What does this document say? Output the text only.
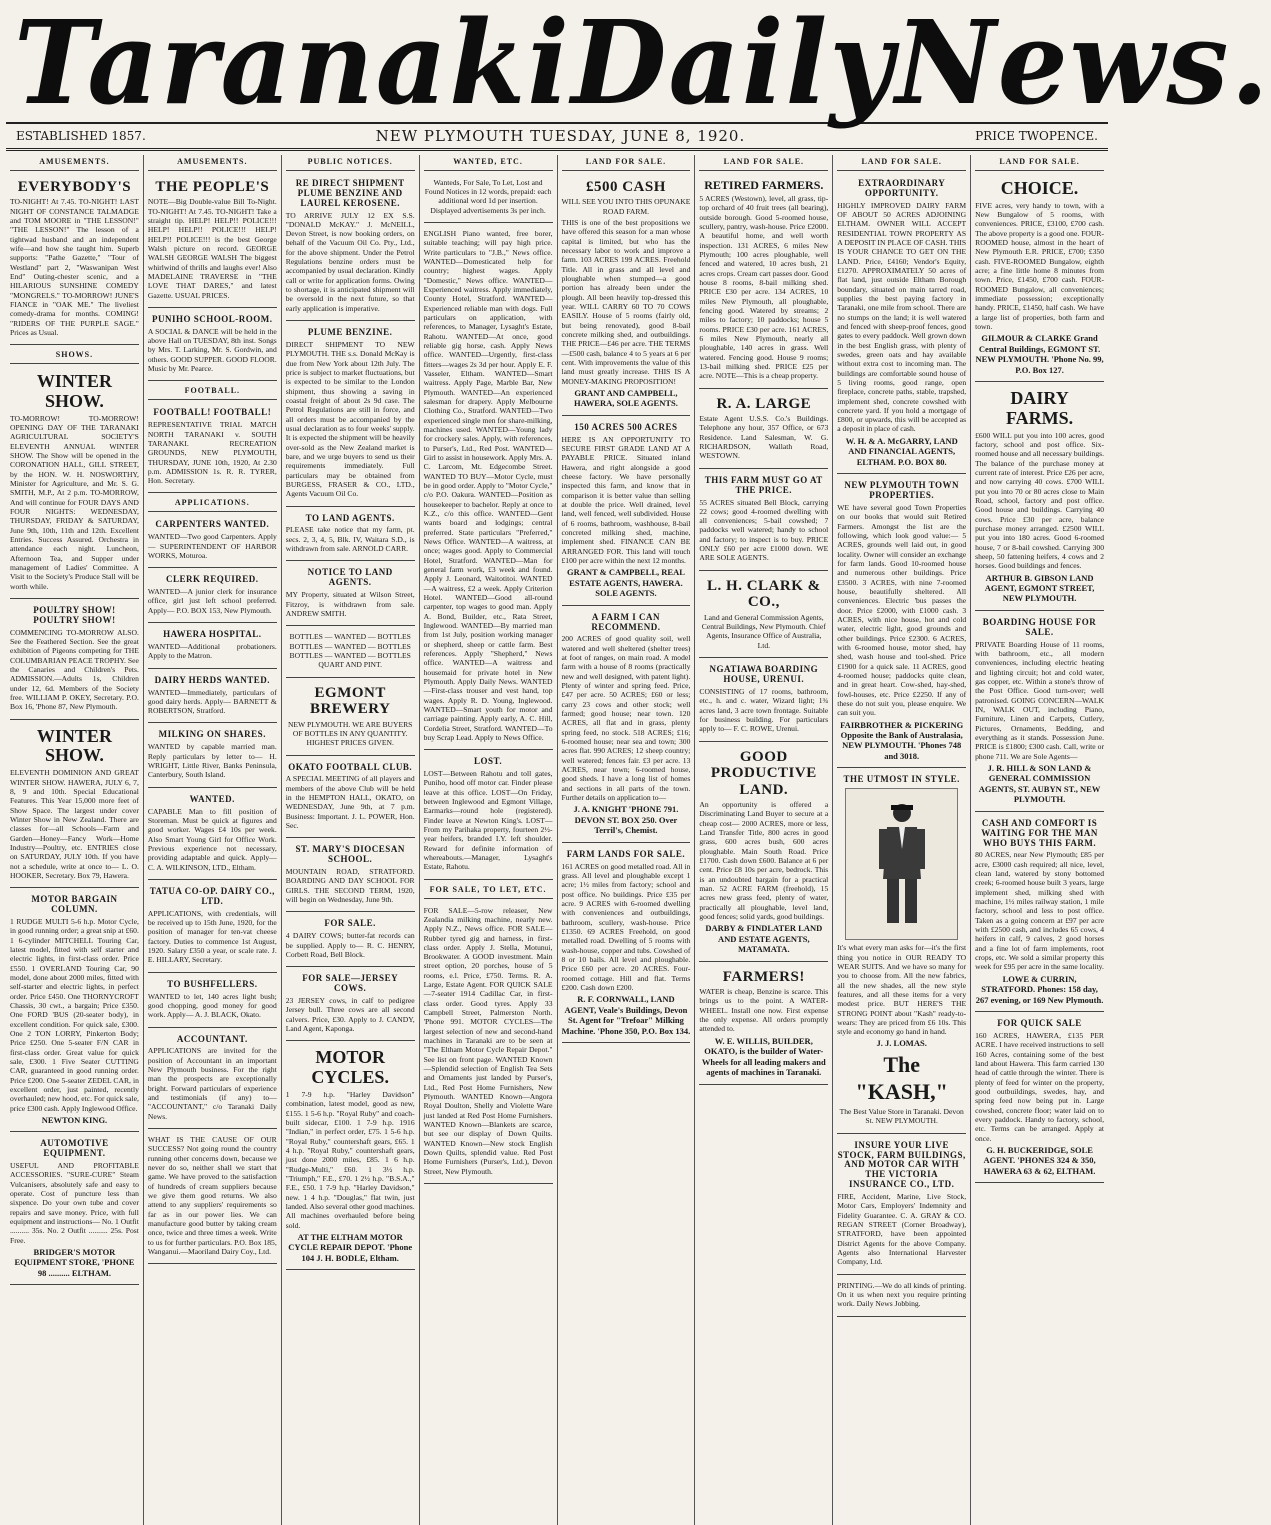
Taranaki Daily News.
ESTABLISHED 1857.	NEW PLYMOUTH TUESDAY, JUNE 8, 1920.	PRICE TWOPENCE.
AMUSEMENTS.
EVERYBODY'S

TO-NIGHT! At 7.45. TO-NIGHT! LAST NIGHT OF CONSTANCE TALMADGE and TOM MOORE in "THE LESSON!" "THE LESSON!" The lesson of a tightwad husband and an independent wife—and how she taught him. Superb supports: "Pathe Gazette," "Tour of Westland" part 2, "Waswanipan West End" Outing-chester scenic, and a HILARIOUS SUNSHINE COMEDY "MONGRELS." TO-MORROW! JUNE'S FIANCE in "OAK ME." The liveliest comedy-drama for months. COMING! "RIDERS OF THE PURPLE SAGE." Prices as Usual.

SHOWS.
WINTER SHOW.

TO-MORROW! TO-MORROW! OPENING DAY OF THE TARANAKI AGRICULTURAL SOCIETY'S ELEVENTH ANNUAL WINTER SHOW. The Show will be opened in the CORONATION HALL, GILL STREET, by the HON. W. H. NOSWORTHY, Minister for Agriculture, and Mr. S. G. SMITH, M.P., At 2 p.m. TO-MORROW, And will continue for FOUR DAYS AND FOUR NIGHTS: WEDNESDAY, THURSDAY, FRIDAY & SATURDAY, June 9th, 10th, 11th and 12th. Excellent Entries. Success Assured. Orchestra in attendance each night. Luncheon, Afternoon Tea, and Supper under management of Ladies' Committee. A Visit to the Society's Produce Stall will be worth while.

POULTRY SHOW! POULTRY SHOW!

COMMENCING TO-MORROW ALSO. See the Feathered Section. See the great exhibition of Pigeons competing for THE COLUMBARIAN PEACE TROPHY. See the Canaries and Children's Pets. ADMISSION.—Adults 1s, Children under 12, 6d. Members of the Society free. WILLIAM P. OKEY, Secretary. P.O. Box 16, 'Phone 87, New Plymouth.

WINTER SHOW.

ELEVENTH DOMINION AND GREAT WINTER SHOW. HAWERA, JULY 6, 7, 8, 9 and 10th. Special Educational Features. This Year 15,000 more feet of Show Space. The largest under cover Winter Show in New Zealand. There are classes for—all Schools—Farm and Garden—Honey—Fancy Work—Home Industry—Poultry, etc. ENTRIES close on SATURDAY, JULY 10th. If you have not a schedule, write at once to— L. O. HOOKER, Secretary. Box 79, Hawera.

MOTOR BARGAIN COLUMN.

1 RUDGE MULTI 5-6 h.p. Motor Cycle, in good running order; a great snip at £60. 1 6-cylinder MITCHELL Touring Car, latest model, fitted with self starter and electric lights, in first-class order. Price £550. 1 OVERLAND Touring Car, 90 model, done about 2000 miles, fitted with self-starter and electric lights, in perfect order. Price £450. One THORNYCROFT Chassis, 30 cwt., a bargain; Price £350. One FORD 'BUS (20-seater body), in excellent condition. For quick sale, £300. One 2 TON LORRY, Pinkerton Body; Price £250. One 5-seater F/N CAR in first-class order. Great value for quick sale, £300. 1 Five Seater CUTTING CAR, guaranteed in good running order. Price £200. One 5-seater ZEDEL CAR, in excellent order, just painted, recently overhauled; new hood, etc. For quick sale, price £300 cash. Apply Inglewood Office.

NEWTON KING.

AUTOMOTIVE EQUIPMENT.

USEFUL AND PROFITABLE ACCESSORIES. "SURE-CURE" Steam Vulcanisers, absolutely safe and easy to operate. Cost of puncture less than sixpence. Do your own tube and cover repairs and save money. Price, with full equipment and instructions— No. 1 Outfit .......... 35s. No. 2 Outfit .......... 25s. Post Free.

BRIDGER'S MOTOR EQUIPMENT STORE, 'PHONE 98 .......... ELTHAM.

AMUSEMENTS.
THE PEOPLE'S

NOTE—Big Double-value Bill To-Night. TO-NIGHT! At 7.45. TO-NIGHT! Take a straight tip. HELP! HELP!! POLICE!!! HELP! HELP!! POLICE!!! HELP! HELP!! POLICE!!! is the best George Walsh picture on record. GEORGE WALSH GEORGE WALSH The biggest whirlwind of thrills and laughs ever! Also MADELAINE TRAVERSE in "THE LOVE THAT DARES," and latest Gazette. USUAL PRICES.

PUNIHO SCHOOL-ROOM.

A SOCIAL & DANCE will be held in the above Hall on TUESDAY, 8th inst. Songs by Mrs. T. Larking, Mr. S. Gordwin, and others. GOOD SUPPER. GOOD FLOOR. Music by Mr. Pearce.

FOOTBALL.
FOOTBALL! FOOTBALL!

REPRESENTATIVE TRIAL MATCH NORTH TARANAKI v. SOUTH TARANAKI. RECREATION GROUNDS, NEW PLYMOUTH, THURSDAY, JUNE 10th, 1920, At 2.30 p.m. ADMISSION 1s. R. R. TYRER, Hon. Secretary.

APPLICATIONS.
CARPENTERS WANTED.

WANTED—Two good Carpenters. Apply— SUPERINTENDENT OF HARBOR WORKS, Moturoa.

CLERK REQUIRED.

WANTED—A junior clerk for insurance office, girl just left school preferred. Apply— P.O. BOX 153, New Plymouth.

HAWERA HOSPITAL.

WANTED—Additional probationers. Apply to the Matron.

DAIRY HERDS WANTED.

WANTED—Immediately, particulars of good dairy herds. Apply— BARNETT & ROBERTSON, Stratford.

MILKING ON SHARES.

WANTED by capable married man. Reply particulars by letter to— H. WRIGHT, Little River, Banks Peninsula, Canterbury, South Island.

WANTED.

CAPABLE Man to fill position of Storeman. Must be quick at figures and good worker. Wages £4 10s per week. Also Smart Young Girl for Office Work. Previous experience not necessary, providing adaptable and quick. Apply— C. A. WILKINSON, LTD., Eltham.

TATUA CO-OP. DAIRY CO., LTD.

APPLICATIONS, with credentials, will be received up to 15th June, 1920, for the position of manager for ten-vat cheese factory. Duties to commence 1st August, 1920. Salary £350 a year, or scale rate. J. E. HILLARY, Secretary.

TO BUSHFELLERS.

WANTED to let, 140 acres light bush; good chopping, good money for good work. Apply— A. J. BLACK, Okato.

ACCOUNTANT.

APPLICATIONS are invited for the position of Accountant in an important New Plymouth business. For the right man the prospects are exceptionally bright. Forward particulars of experience and testimonials (if any) to— "ACCOUNTANT," c/o Taranaki Daily News.

WHAT IS THE CAUSE OF OUR SUCCESS? Not going round the country running other concerns down, because we never do so, neither shall we start that game. We have proved to the satisfaction of hundreds of cream suppliers because we give them good returns. We also attend to any suppliers' requirements so far as in our power lies. We can manufacture good butter by taking cream once, twice and three times a week. Write to us for further particulars. P.O. Box 185, Wanganui.—Maoriland Dairy Coy., Ltd.

PUBLIC NOTICES.
RE DIRECT SHIPMENT PLUME BENZINE AND LAUREL KEROSENE.

TO ARRIVE JULY 12 EX S.S. "DONALD McKAY." J. McNEILL, Devon Street, is now booking orders, on behalf of the Vacuum Oil Co. Pty., Ltd., for the above shipment. Under the Petrol Regulations benzine orders must be accompanied by usual declaration. Kindly call or write for application forms. Owing to shortage, it is anticipated shipment will be oversold in the next future, so that early application is imperative.

PLUME BENZINE.

DIRECT SHIPMENT TO NEW PLYMOUTH. THE s.s. Donald McKay is due from New York about 12th July. The price is subject to market fluctuations, but is expected to be similar to the London shipment, thus showing a saving in coastal freight of about 2s 9d case. The Petrol Regulations are still in force, and all orders must be accompanied by the usual declaration as to four weeks' supply. It is expected the shipment will be heavily over-sold as the New Zealand market is bare, and we urge buyers to send us their requirements immediately. Full particulars may be obtained from BURGESS, FRASER & CO., LTD., Agents Vacuum Oil Co.

TO LAND AGENTS.

PLEASE take notice that my farm, pt. secs. 2, 3, 4, 5, Blk. IV, Waitara S.D., is withdrawn from sale. ARNOLD CARR.

NOTICE TO LAND AGENTS.

MY Property, situated at Wilson Street, Fitzroy, is withdrawn from sale. ANDREW SMITH.

BOTTLES — WANTED — BOTTLES BOTTLES — WANTED — BOTTLES BOTTLES — WANTED — BOTTLES QUART AND PINT.

EGMONT BREWERY

NEW PLYMOUTH. WE ARE BUYERS OF BOTTLES IN ANY QUANTITY. HIGHEST PRICES GIVEN.

OKATO FOOTBALL CLUB.

A SPECIAL MEETING of all players and members of the above Club will be held in the HEMPTON HALL, OKATO, on WEDNESDAY, June 9th, at 7 p.m. Business: Important. J. L. POWER, Hon. Sec.

ST. MARY'S DIOCESAN SCHOOL.

MOUNTAIN ROAD, STRATFORD. BOARDING AND DAY SCHOOL FOR GIRLS. THE SECOND TERM, 1920, will begin on Wednesday, June 9th.

FOR SALE.

4 DAIRY COWS; butter-fat records can be supplied. Apply to— R. C. HENRY, Corbett Road, Bell Block.

FOR SALE—JERSEY COWS.

23 JERSEY cows, in calf to pedigree Jersey bull. Three cows are all second calvers. Price, £30. Apply to J. CANDY, Land Agent, Kaponga.

MOTOR CYCLES.

1 7-9 h.p. "Harley Davidson" combination, latest model, good as new, £155. 1 5-6 h.p. "Royal Ruby" and coach-built sidecar, £100. 1 7-9 h.p. 1916 "Indian," in perfect order, £75. 1 5-6 h.p. "Royal Ruby," countershaft gears, £65. 1 4 h.p. "Royal Ruby," countershaft gears, just done 2000 miles, £85. 1 6 h.p. "Rudge-Multi," £60. 1 3½ h.p. "Triumph," F.E., £70. 1 2½ h.p. "B.S.A.," F.E., £50. 1 7-9 h.p. "Harley Davidson," new. 1 4 h.p. "Douglas," flat twin, just landed. Also several other good machines. All machines overhauled before being sold.

AT THE ELTHAM MOTOR CYCLE REPAIR DEPOT. 'Phone 104 J. H. BODLE, Eltham.

WANTED, ETC.

Wanteds, For Sale, To Let, Lost and Found Notices in 12 words, prepaid: each additional word 1d per insertion. Displayed advertisements 3s per inch.

ENGLISH Piano wanted, free borer, suitable teaching; will pay high price. Write particulars to "J.B.," News office. WANTED—Domesticated help for country; highest wages. Apply "Domestic," News office. WANTED—Experienced waitress. Apply immediately, County Hotel, Stratford. WANTED—Experienced reliable man with dogs. Full particulars on application, with references, to Manager, Lysaght's Estate, Rahotu. WANTED—At once, good reliable gig horse, cash. Apply News office. WANTED—Urgently, first-class fitters—wages 2s 3d per hour. Apply E. F. Vasseler, Eltham. WANTED—Smart waitress. Apply Page, Marble Bar, New Plymouth. WANTED—An experienced salesman for drapery. Apply Melbourne Clothing Co., Stratford. WANTED—Two experienced single men for share-milking, machines used. WANTED—Young lady for crockery sales. Apply, with references, to Purser's, Ltd., Red Post. WANTED—Girl to assist in housework. Apply Mrs. A. C. Larcom, Mt. Edgecombe Street. WANTED TO BUY—Motor Cycle, must be in good order. Apply to "Motor Cycle," c/o P.O. Oakura. WANTED—Position as housekeeper to bachelor. Reply at once to K.Z., c/o this office. WANTED—Gent wants board and lodgings; central preferred. State particulars "Preferred," News Office. WANTED—A waitress, at once; wages good. Apply to Commercial Hotel, Stratford. WANTED—Man for general farm work, £3 week and found. Apply J. Leonard, Waitotitoi. WANTED—A waitress, £2 a week. Apply Criterion Hotel. WANTED—Good all-round carpenter, top wages to good man. Apply A. Bond, Builder, etc., Rata Street, Inglewood. WANTED—By married man from 1st July, position working manager or shepherd, sheep or cattle farm. Best references. Apply "Shepherd," News office. WANTED—A waitress and housemaid for private hotel in New Plymouth. Apply Daily News. WANTED—First-class trouser and vest hand, top wages. Apply R. D. Young, Inglewood. WANTED—Smart youth for motor and carriage painting. Apply early, A. C. Hill, Cordelia Street, Stratford. WANTED—To buy Scrap Lead. Apply to News Office.

LOST.

LOST—Between Rahotu and toll gates, Puniho, hood off motor car. Finder please leave at this office. LOST—On Friday, between Inglewood and Egmont Village, Earmarks—round hole (registered). Finder leave at Newton King's. LOST—From my Parihaka property, fourteen 2½-year heifers, branded I.Y. left shoulder. Reward for definite information of whereabouts.—Manager, Lysaght's Estate, Rahotu.

FOR SALE, TO LET, ETC.

FOR SALE—5-row releaser, New Zealandia milking machine, nearly new. Apply N.Z., News office. FOR SALE—Rubber tyred gig and harness, in first-class order. Apply J. Stella, Motunui, Brookwater. A GOOD investment. Main street option, 20 porches, house of 5 rooms, e.l. Price, £750. Terms. R. A. Large, Estate Agent. FOR QUICK SALE—7-seater 1914 Cadillac Car, in first-class order. Good tyres. Apply 33 Campbell Street, Palmerston North. 'Phone 991. MOTOR CYCLES—The largest selection of new and second-hand machines in Taranaki are to be seen at "The Eltham Motor Cycle Repair Depot." See list on front page. WANTED Known—Splendid selection of English Tea Sets and Ornaments just landed by Purser's, Ltd., Red Post Home Furnishers, New Plymouth. WANTED Known—Angora Royal Doulton, Shelly and Violette Ware just landed at Red Post Home Furnishers. WANTED Known—Blankets are scarce, but see our display of Down Quilts. WANTED Known—New stock English Down Quilts, splendid value. Red Post Home Furnishers (Purser's, Ltd.), Devon Street, New Plymouth.

LAND FOR SALE.
£500 CASH

WILL SEE YOU INTO THIS OPUNAKE ROAD FARM.

THIS is one of the best propositions we have offered this season for a man whose capital is limited, but who has the necessary labor to work and improve a farm. 103 ACRES 199 ACRES. Freehold Title. All in grass and all level and ploughable when stumped—a good portion has already been under the plough. All been heavily top-dressed this year. WILL CARRY 60 TO 70 COWS EASILY. House of 5 rooms (fairly old, but being renovated), good 8-bail concrete milking shed, and outbuildings. THE PRICE—£46 per acre. THE TERMS—£500 cash, balance 4 to 5 years at 6 per cent. With improvements the value of this land must greatly increase. THIS IS A MONEY-MAKING PROPOSITION!

GRANT AND CAMPBELL, HAWERA, SOLE AGENTS.

150 ACRES 500 ACRES

HERE IS AN OPPORTUNITY TO SECURE FIRST GRADE LAND AT A PAYABLE PRICE. Situated inland Hawera, and right alongside a good cheese factory. We have personally inspected this farm, and know that in comparison it is better value than selling at double the price. Well drained, level land, well fenced, well subdivided. House of 6 rooms, bathroom, washhouse, 8-bail concreted milking shed, machine, implement shed. FINANCE CAN BE ARRANGED FOR. This land will touch £100 per acre within the next 12 months.

GRANT & CAMPBELL, REAL ESTATE AGENTS, HAWERA. SOLE AGENTS.

A FARM I CAN RECOMMEND.

200 ACRES of good quality soil, well watered and well sheltered (shelter trees) at foot of ranges, on main road. A model farm with a house of 8 rooms (practically new and well designed, with patent light). Plenty of winter and spring feed. Price, £47 per acre. 50 ACRES; £60 or less; carry 23 cows and other stock; well farmed; good house; near town. 120 ACRES, all flat and in grass, plenty spring feed, no stock. 518 ACRES; £16; 6-roomed house; near sea and town; 300 acres flat. 990 ACRES; 12 sheep country; well watered; fences fair. £3 per acre. 13 ACRES, near town; 6-roomed house, good sheds. I have a long list of homes and sections in all parts of the town. Further details on application to—

J. A. KNIGHT 'PHONE 791. DEVON ST. BOX 250. Over Terril's, Chemist.

FARM LANDS FOR SALE.

161 ACRES on good metalled road. All in grass. All level and ploughable except 1 acre; 1½ miles from factory; school and post office. No buildings. Price £35 per acre. 9 ACRES with 6-roomed dwelling with conveniences and outbuildings, bathroom, scullery, wash-house. Price £1350. 69 ACRES Freehold, on good metalled road. Dwelling of 5 rooms with wash-house, copper and tubs. Cowshed of 8 or 10 bails. All level and ploughable. Price £60 per acre. 20 ACRES. Four-roomed cottage. Hill and flat. Terms £200. Cash down £200.

R. F. CORNWALL, LAND AGENT, Veale's Buildings, Devon St. Agent for "Trefoar" Milking Machine. 'Phone 350, P.O. Box 134.

LAND FOR SALE.
RETIRED FARMERS.

5 ACRES (Westown), level, all grass, tip-top orchard of 40 fruit trees (all bearing), outside borough. Good 5-roomed house, scullery, pantry, wash-house. Price £2000. A beautiful home, and well worth inspection. 131 ACRES, 6 miles New Plymouth; 100 acres ploughable, well fenced and watered, 10 acres bush, 21 acres crops. Cream cart passes door. Good house 8 rooms, 8-bail milking shed. PRICE £30 per acre. 134 ACRES, 10 miles New Plymouth, all ploughable, fencing good. Watered by streams; 2 miles to factory; 10 paddocks; house 5 rooms. PRICE £30 per acre. 161 ACRES, 6 miles New Plymouth, nearly all ploughable, 140 acres in grass. Well watered. Fencing good. House 9 rooms; 13-bail milking shed. PRICE £25 per acre. NOTE—This is a cheap property.

R. A. LARGE

Estate Agent U.S.S. Co.'s Buildings. Telephone any hour, 357 Office, or 673 Residence. Land Salesman, W. G. RICHARDSON, Wallath Road, WESTOWN.

THIS FARM MUST GO AT THE PRICE.

55 ACRES situated Bell Block, carrying 22 cows; good 4-roomed dwelling with all conveniences; 5-bail cowshed; 7 paddocks well watered; handy to school and factory; to inspect is to buy. PRICE ONLY £60 per acre £1000 down. WE ARE SOLE AGENTS.

L. H. CLARK & CO.,

Land and General Commission Agents, Central Buildings, New Plymouth. Chief Agents, Insurance Office of Australia, Ltd.

NGATIAWA BOARDING HOUSE, URENUI.

CONSISTING of 17 rooms, bathroom, etc., h. and c. water, Wizard light; 1¾ acres land, 3 acre town frontage. Suitable for business building. For particulars apply to— F. C. ROWE, Urenui.

GOOD PRODUCTIVE LAND.

An opportunity is offered a Discriminating Land Buyer to secure at a cheap cost— 2000 ACRES, more or less, Land Transfer Title, 800 acres in good grass, 600 acres bush, 600 acres ploughable. Main South Road. Price £1700. Cash down £600. Balance at 6 per cent. Price £8 10s per acre, bedrock. This is an undoubted bargain for a practical man. 52 ACRE FARM (freehold), 15 acres new grass feed, plenty of water, practically all ploughable, level land, good fences; solid yards, good buildings.

DARBY & FINDLATER LAND AND ESTATE AGENTS, MATAMATA.

FARMERS!

WATER is cheap, Benzine is scarce. This brings us to the point. A WATER-WHEEL. Install one now. First expense the only expense. All orders promptly attended to.

W. E. WILLIS, BUILDER, OKATO, is the builder of Water-Wheels for all leading makers and agents of machines in Taranaki.

LAND FOR SALE.
EXTRAORDINARY OPPORTUNITY.

HIGHLY IMPROVED DAIRY FARM OF ABOUT 50 ACRES ADJOINING ELTHAM. OWNER WILL ACCEPT RESIDENTIAL TOWN PROPERTY AS A DEPOSIT IN PLACE OF CASH. THIS IS YOUR CHANCE TO GET ON THE LAND. Price, £4160; Vendor's Equity, £1270. APPROXIMATELY 50 acres of flat land, just outside Eltham Borough boundary, situated on main tarred road, supplies the best paying factory in Taranaki, one mile from school. There are no stumps on the land; it is well watered and fenced with sheep-proof fences, good gates to every paddock. Well grown down in the best English grass, with plenty of swedes, green oats and hay available without extra cost to incoming man. The buildings are comfortable sound house of 5 living rooms, good range, open fireplace, concrete paths, stable, trapshed, implement shed, concrete cowshed with concrete yard. If you hold a mortgage of £800, or upwards, this will be accepted as a deposit in place of cash.

W. H. & A. McGARRY, LAND AND FINANCIAL AGENTS, ELTHAM. P.O. BOX 80.

NEW PLYMOUTH TOWN PROPERTIES.

WE have several good Town Properties on our books that would suit Retired Farmers. Amongst the list are the following, which look good value:— 5 ACRES, grounds well laid out, in good locality. Owner will consider an exchange for farm lands. Good 10-roomed house and numerous other buildings. Price £3500. 3 ACRES, with nine 7-roomed house, beautifully sheltered. All conveniences. Electric 'bus passes the door. Price £2000, with £1000 cash. 3 ACRES, with nice house, hot and cold water, electric light, good grounds and other buildings. Price £2300. 6 ACRES, with 6-roomed house, motor shed, hay shed, wash house and tool-shed. Price £1900 for a quick sale. 11 ACRES, good 4-roomed house; paddocks quite clean, and in great heart. Cow-shed, hay-shed, fowl-houses, etc. Price £2250. If any of these do not suit you, please enquire. We can suit you.

FAIRBROTHER & PICKERING Opposite the Bank of Australasia, NEW PLYMOUTH. 'Phones 748 and 3018.

THE UTMOST IN STYLE.

It's what every man asks for—it's the first thing you notice in OUR READY TO WEAR SUITS. And we have so many for you to choose from. All the new fabrics, all the new shades, all the new style features, and all these items for a very modest price. BUT HERE'S THE STRONG POINT about "Kash" ready-to-wears: They are priced from £6 10s. This style and economy go hand in hand.

J. J. LOMAS.

The "KASH,"

The Best Value Store in Taranaki. Devon St. NEW PLYMOUTH.

INSURE YOUR LIVE STOCK, FARM BUILDINGS, AND MOTOR CAR WITH THE VICTORIA INSURANCE CO., LTD.

FIRE, Accident, Marine, Live Stock, Motor Cars, Employers' Indemnity and Fidelity Guarantee. C. A. GRAY & CO. REGAN STREET (Corner Broadway), STRATFORD, have been appointed District Agents for the above Company. Agents also International Harvester Company, Ltd.

PRINTING.—We do all kinds of printing. On it us when next you require printing work. Daily News Jobbing.

LAND FOR SALE.
CHOICE.

FIVE acres, very handy to town, with a New Bungalow of 5 rooms, with conveniences. PRICE, £3100, £700 cash. The above property is a good one. FOUR-ROOMED house, almost in the heart of New Plymouth E.R. PRICE, £700; £350 cash. FIVE-ROOMED Bungalow, eighth acre; a fine little home 8 minutes from town. Price, £1450, £700 cash. FOUR-ROOMED Bungalow, all conveniences; immediate possession; exceptionally handy. PRICE, £1450, half cash. We have a large list of properties, both farm and town.

GILMOUR & CLARKE Grand Central Buildings, EGMONT ST. NEW PLYMOUTH. 'Phone No. 99, P.O. Box 127.

DAIRY FARMS.

£600 WILL put you into 100 acres, good factory, school and post office. Six-roomed house and all necessary buildings. The balance of the purchase money at current rate of interest. Price £26 per acre, and now carrying 40 cows. £700 WILL put you into 70 or 80 acres close to Main Road, school, factory and post office. Good house and buildings. Carrying 40 cows. Price £30 per acre, balance purchase money arranged. £2500 WILL put you into 180 acres. Good 6-roomed house, 7 or 8-bail cowshed. Carrying 300 sheep, 50 fattening heifers, 4 cows and 2 horses. Good buildings and fences.

ARTHUR B. GIBSON LAND AGENT, EGMONT STREET, NEW PLYMOUTH.

BOARDING HOUSE FOR SALE.

PRIVATE Boarding House of 11 rooms, with bathroom, etc., all modern conveniences, including electric heating and lighting circuit; hot and cold water, gas copper, etc. Within a stone's throw of the Post Office. Good turn-over; well patronised. GOING CONCERN—WALK IN, WALK OUT, including Piano, Furniture, Linen and Carpets, Cutlery, Pictures, Ornaments, Bedding, and everything as it stands. Possession June. PRICE is £1800; £300 cash. Call, write or phone 711. We are Sole Agents—

J. R. HILL & SON LAND & GENERAL COMMISSION AGENTS, ST. AUBYN ST., NEW PLYMOUTH.

CASH AND COMFORT IS WAITING FOR THE MAN WHO BUYS THIS FARM.

80 ACRES, near New Plymouth; £85 per acre, £3000 cash required; all nice, level, clean land, watered by stony bottomed creek; 6-roomed house built 3 years, large implement shed, milking shed with machine, 1½ miles railway station, 1 mile factory, school and less to post office. Taken as a going concern at £97 per acre with £2500 cash, and includes 65 cows, 4 heifers in calf, 9 calves, 2 good horses and a fine lot of farm implements, root crops, etc. We sold a similar property this week for £95 per acre in the same locality.

LOWE & CURRIN, STRATFORD. Phones: 158 day, 267 evening, or 169 New Plymouth.

FOR QUICK SALE

160 ACRES, HAWERA, £135 PER ACRE. I have received instructions to sell 160 Acres, containing some of the best land about Hawera. This farm carried 130 head of cattle through the winter. There is plenty of feed for winter on the property, good outbuildings, swedes, hay, and spring feed now being put in. Large cowshed, concrete floor; water laid on to every paddock. Handy to factory, school, etc. Terms can be arranged. Apply at once.

G. H. BUCKERIDGE, SOLE AGENT. 'PHONES 324 & 350, HAWERA 63 & 62, ELTHAM.
